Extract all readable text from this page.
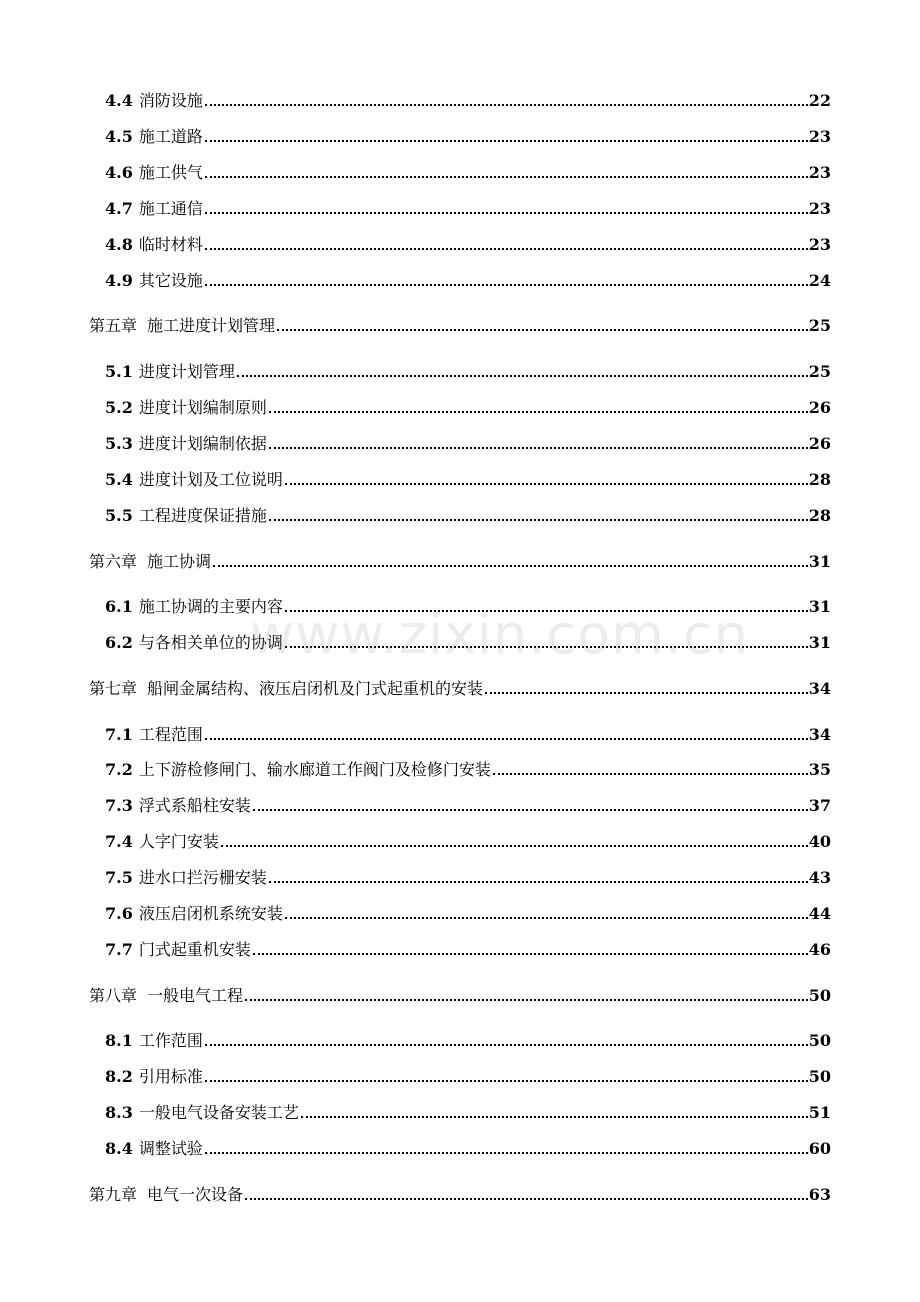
4.4 消防设施	22
4.5 施工道路	23
4.6 施工供气	23
4.7 施工通信	23
4.8 临时材料	23
4.9 其它设施	24
第五章 施工进度计划管理	25
5.1 进度计划管理	25
5.2 进度计划编制原则	26
5.3 进度计划编制依据	26
5.4 进度计划及工位说明	28
5.5 工程进度保证措施	28
第六章 施工协调	31
6.1 施工协调的主要内容	31
6.2 与各相关单位的协调	31
第七章 船闸金属结构、液压启闭机及门式起重机的安装	34
7.1 工程范围	34
7.2 上下游检修闸门、输水廊道工作阀门及检修门安装	35
7.3 浮式系船柱安装	37
7.4 人字门安装	40
7.5 进水口拦污栅安装	43
7.6 液压启闭机系统安装	44
7.7 门式起重机安装	46
第八章 一般电气工程	50
8.1 工作范围	50
8.2 引用标准	50
8.3 一般电气设备安装工艺	51
8.4 调整试验	60
第九章 电气一次设备	63
www.zixin.com.cn
